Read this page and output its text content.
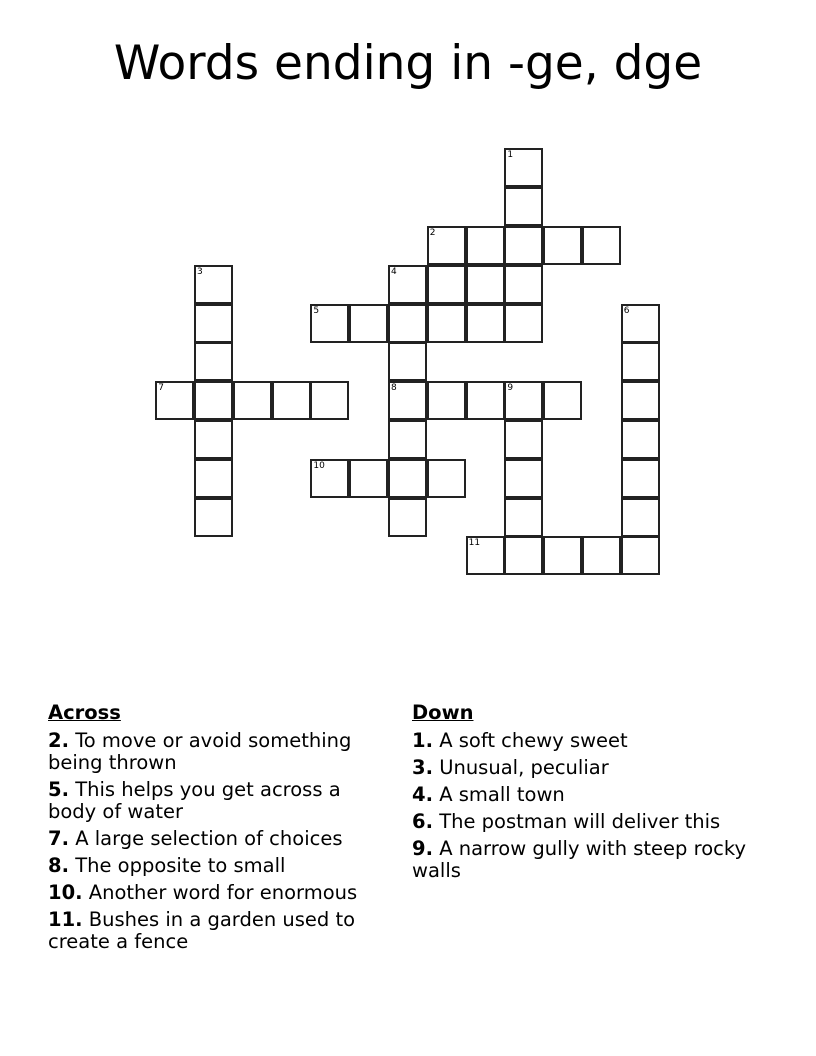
Words ending in -ge, dge
1
2
3	4
5	6
7	8	9
10
11
Across
2. To move or avoid something being thrown
5. This helps you get across a body of water
7. A large selection of choices
8. The opposite to small
10. Another word for enormous
11. Bushes in a garden used to create a fence
Down
1. A soft chewy sweet
3. Unusual, peculiar
4. A small town
6. The postman will deliver this
9. A narrow gully with steep rocky walls
